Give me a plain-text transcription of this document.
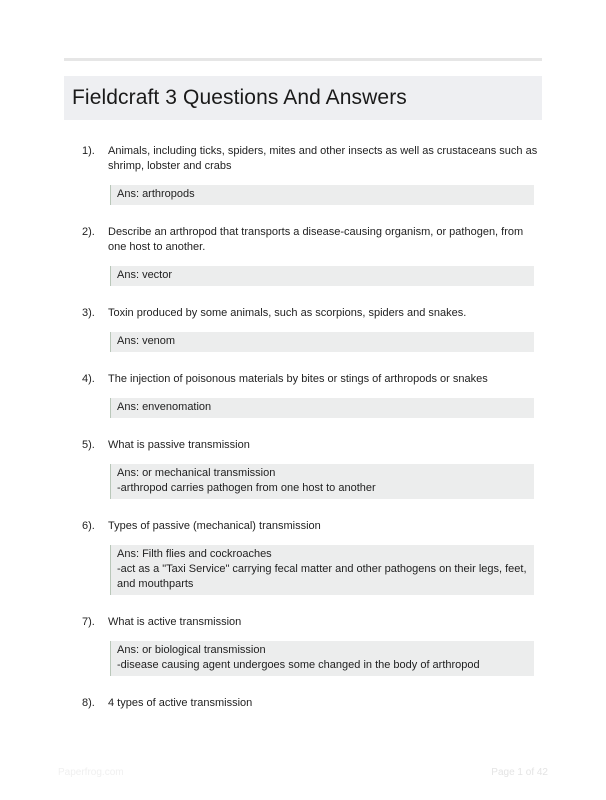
Fieldcraft 3 Questions And Answers
1).	Animals, including ticks, spiders, mites and other insects as well as crustaceans such as shrimp, lobster and crabs
Ans: arthropods
2).	Describe an arthropod that transports a disease-causing organism, or pathogen, from one host to another.
Ans: vector
3).	Toxin produced by some animals, such as scorpions, spiders and snakes.
Ans: venom
4).	The injection of poisonous materials by bites or stings of arthropods or snakes
Ans: envenomation
5).	What is passive transmission
Ans: or mechanical transmission
-arthropod carries pathogen from one host to another
6).	Types of passive (mechanical) transmission
Ans: Filth flies and cockroaches
-act as a "Taxi Service" carrying fecal matter and other pathogens on their legs, feet, and mouthparts
7).	What is active transmission
Ans: or biological transmission
-disease causing agent undergoes some changed in the body of arthropod
8).	4 types of active transmission
Paperfrog.com	Page 1 of 42
